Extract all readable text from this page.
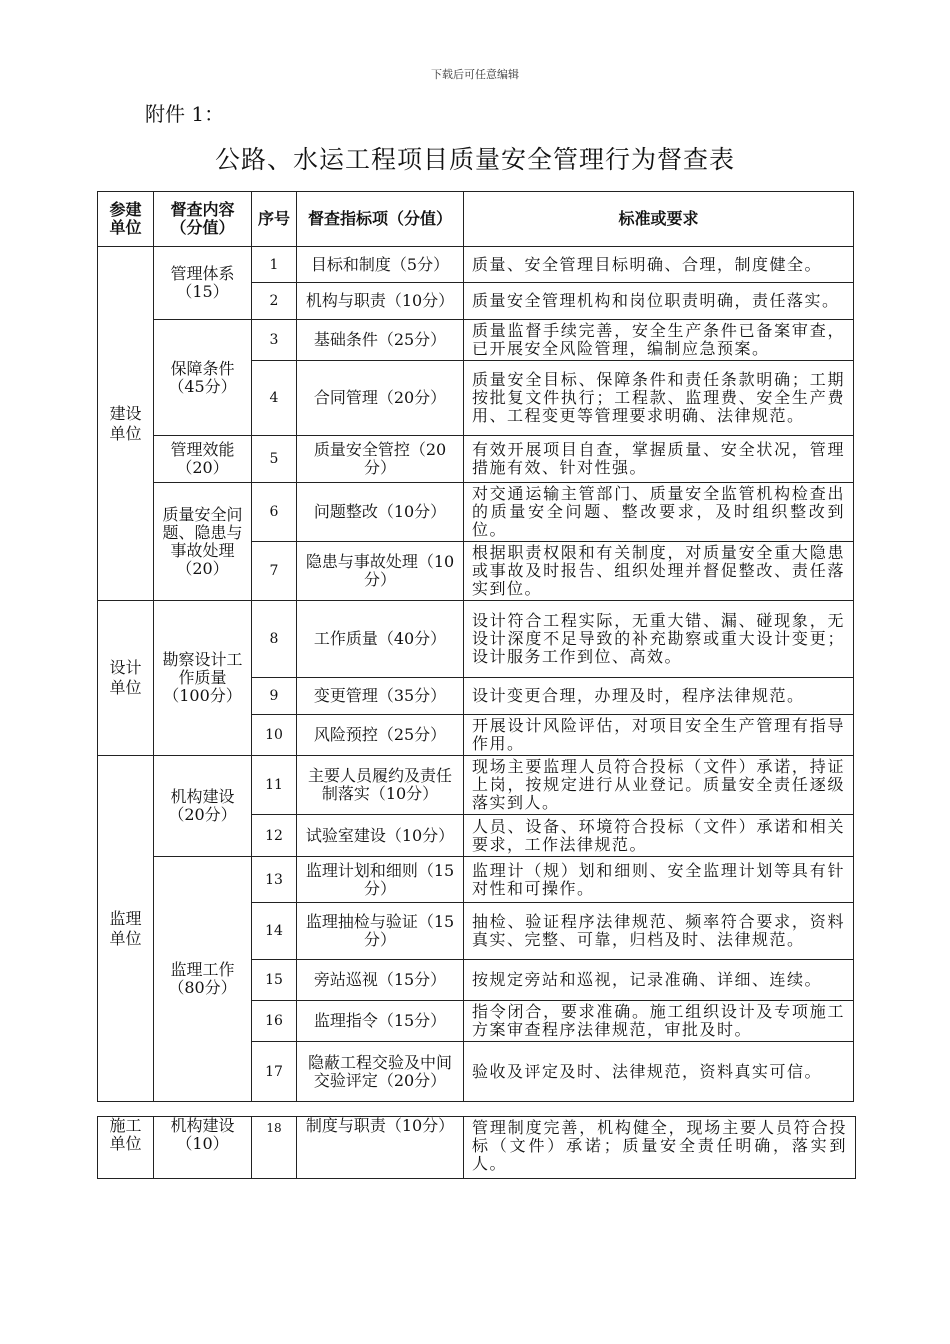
下载后可任意编辑
附件 1：
公路、水运工程项目质量安全管理行为督查表
参建单位	督查内容（分值）	序号	督查指标项（分值）	标准或要求
建设单位	管理体系（15）	1	目标和制度（5分）	质量、安全管理目标明确、合理，制度健全。
		2	机构与职责（10分）	质量安全管理机构和岗位职责明确，责任落实。
	保障条件（45分）	3	基础条件（25分）	质量监督手续完善，安全生产条件已备案审查，已开展安全风险管理，编制应急预案。
		4	合同管理（20分）	质量安全目标、保障条件和责任条款明确；工期按批复文件执行；工程款、监理费、安全生产费用、工程变更等管理要求明确、法律规范。
	管理效能（20）	5	质量安全管控（20分）	有效开展项目自查，掌握质量、安全状况，管理措施有效、针对性强。
	质量安全问题、隐患与事故处理（20）	6	问题整改（10分）	对交通运输主管部门、质量安全监管机构检查出的质量安全问题、整改要求，及时组织整改到位。
		7	隐患与事故处理（10分）	根据职责权限和有关制度，对质量安全重大隐患或事故及时报告、组织处理并督促整改、责任落实到位。
设计单位	勘察设计工作质量（100分）	8	工作质量（40分）	设计符合工程实际，无重大错、漏、碰现象，无设计深度不足导致的补充勘察或重大设计变更；设计服务工作到位、高效。
		9	变更管理（35分）	设计变更合理，办理及时，程序法律规范。
		10	风险预控（25分）	开展设计风险评估，对项目安全生产管理有指导作用。
监理单位	机构建设（20分）	11	主要人员履约及责任制落实（10分）	现场主要监理人员符合投标（文件）承诺，持证上岗，按规定进行从业登记。质量安全责任逐级落实到人。
		12	试验室建设（10分）	人员、设备、环境符合投标（文件）承诺和相关要求，工作法律规范。
	监理工作（80分）	13	监理计划和细则（15分）	监理计（规）划和细则、安全监理计划等具有针对性和可操作。
		14	监理抽检与验证（15分）	抽检、验证程序法律规范、频率符合要求，资料真实、完整、可靠，归档及时、法律规范。
		15	旁站巡视（15分）	按规定旁站和巡视，记录准确、详细、连续。
		16	监理指令（15分）	指令闭合，要求准确。施工组织设计及专项施工方案审查程序法律规范，审批及时。
		17	隐蔽工程交验及中间交验评定（20分）	验收及评定及时、法律规范，资料真实可信。
施工单位	机构建设（10）	18	制度与职责（10分）	管理制度完善，机构健全，现场主要人员符合投标（文件）承诺；质量安全责任明确，落实到人。
